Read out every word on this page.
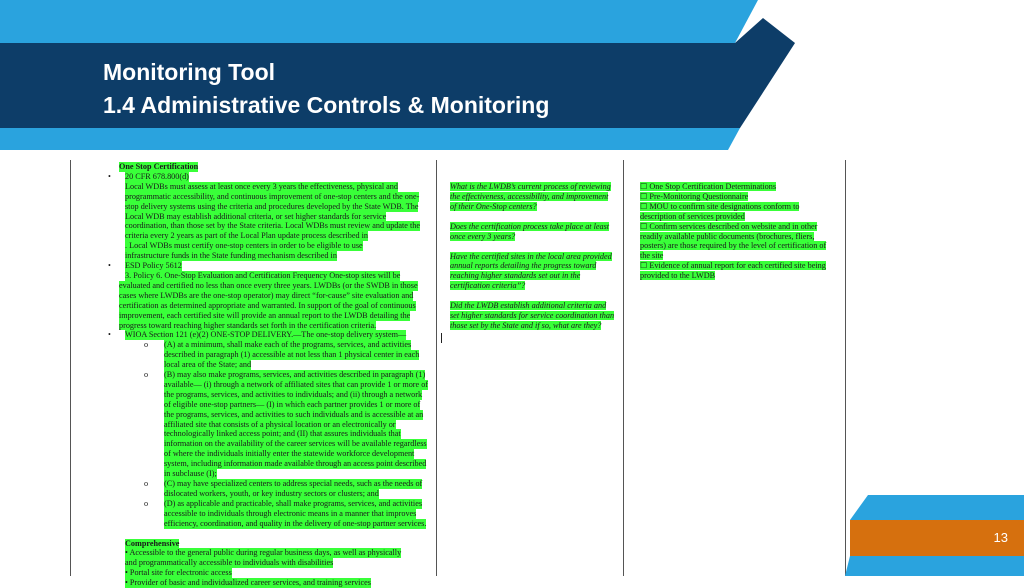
Monitoring Tool
1.4 Administrative Controls & Monitoring
One Stop Certification
• 20 CFR 678.800(d)
Local WDBs must assess at least once every 3 years the effectiveness, physical and
programmatic accessibility, and continuous improvement of one-stop centers and the one-
stop delivery systems using the criteria and procedures developed by the State WDB. The
Local WDB may establish additional criteria, or set higher standards for service
coordination, than those set by the State criteria. Local WDBs must review and update the
criteria every 2 years as part of the Local Plan update process described in
. Local WDBs must certify one-stop centers in order to be eligible to use
infrastructure funds in the State funding mechanism described in
• ESD Policy 5612
3. Policy 6. One-Stop Evaluation and Certification Frequency One-stop sites will be
evaluated and certified no less than once every three years. LWDBs (or the SWDB in those
cases where LWDBs are the one-stop operator) may direct “for-cause” site evaluation and
certification as determined appropriate and warranted. In support of the goal of continuous
improvement, each certified site will provide an annual report to the LWDB detailing the
progress toward reaching higher standards set forth in the certification criteria.
• WIOA Section 121 (e)(2) ONE-STOP DELIVERY.—The one-stop delivery system—
o (A) at a minimum, shall make each of the programs, services, and activities
described in paragraph (1) accessible at not less than 1 physical center in each
local area of the State; and
o (B) may also make programs, services, and activities described in paragraph (1)
available— (i) through a network of affiliated sites that can provide 1 or more of
the programs, services, and activities to individuals; and (ii) through a network
of eligible one-stop partners— (I) in which each partner provides 1 or more of
the programs, services, and activities to such individuals and is accessible at an
affiliated site that consists of a physical location or an electronically or
technologically linked access point; and (II) that assures individuals that
information on the availability of the career services will be available regardless
of where the individuals initially enter the statewide workforce development
system, including information made available through an access point described
in subclause (I);
o (C) may have specialized centers to address special needs, such as the needs of
dislocated workers, youth, or key industry sectors or clusters; and
o (D) as applicable and practicable, shall make programs, services, and activities
accessible to individuals through electronic means in a manner that improves
efficiency, coordination, and quality in the delivery of one-stop partner services.
Comprehensive
• Accessible to the general public during regular business days, as well as physically
and programmatically accessible to individuals with disabilities
• Portal site for electronic access
• Provider of basic and individualized career services, and training services
What is the LWDB’s current process of reviewing
the effectiveness, accessibility, and improvement
of their One-Stop centers?
Does the certification process take place at least
once every 3 years?
Have the certified sites in the local area provided
annual reports detailing the progress toward
reaching higher standards set out in the
certification criteria”?
Did the LWDB establish additional criteria and
set higher standards for service coordination than
those set by the State and if so, what are they?
☐ One Stop Certification Determinations
☐ Pre-Monitoring Questionnaire
☐ MOU to confirm site designations conform to
description of services provided
☐ Confirm services described on website and in other
readily available public documents (brochures, fliers,
posters) are those required by the level of certification of
the site
☐ Evidence of annual report for each certified site being
provided to the LWDB
13
